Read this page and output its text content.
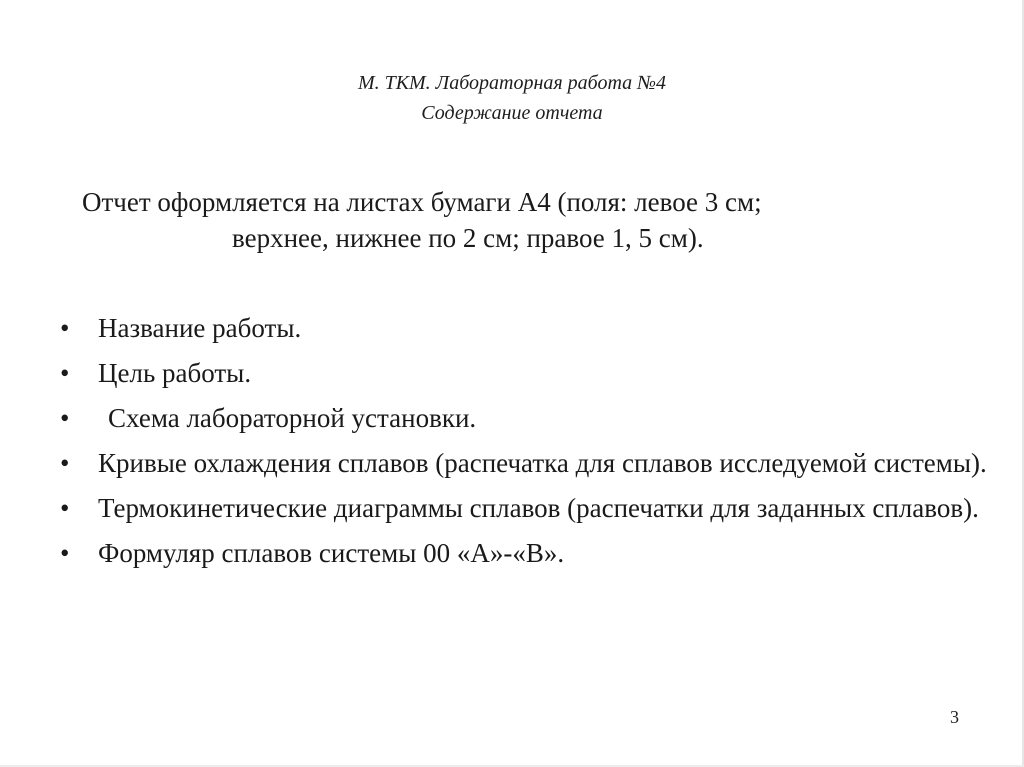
М. ТКМ. Лабораторная работа №4
Содержание отчета
Отчет оформляется на листах бумаги А4 (поля: левое 3 см;
верхнее, нижнее по 2 см; правое 1, 5 см).
• Название работы.
• Цель работы.
• Схема лабораторной установки.
• Кривые охлаждения сплавов (распечатка для сплавов исследуемой системы).
• Термокинетические диаграммы сплавов (распечатки для заданных сплавов).
• Формуляр сплавов системы 00 «А»-«В».
3
